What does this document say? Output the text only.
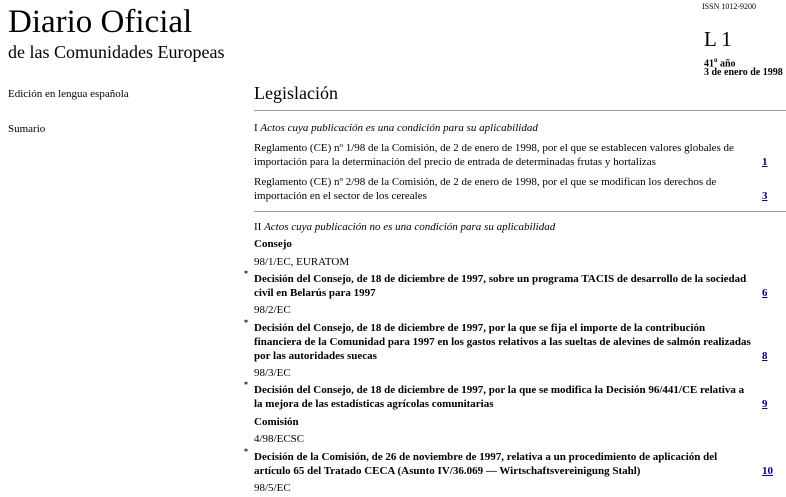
Diario Oficial
de las Comunidades Europeas
ISSN 1012-9200
L 1
41$^o$ año
3 de enero de 1998
Edición en lengua española	Legislación
Sumario	I Actos cuya publicación es una condición para su aplicabilidad
Reglamento (CE) nº 1/98 de la Comisión, de 2 de enero de 1998, por el que se establecen valores globales de importación para la determinación del precio de entrada de determinadas frutas y hortalizas	1
Reglamento (CE) nº 2/98 de la Comisión, de 2 de enero de 1998, por el que se modifican los derechos de importación en el sector de los cereales	3
II Actos cuya publicación no es una condición para su aplicabilidad
Consejo
98/1/EC, EURATOM
* Decisión del Consejo, de 18 de diciembre de 1997, sobre un programa TACIS de desarrollo de la sociedad civil en Belarús para 1997	6
98/2/EC
* Decisión del Consejo, de 18 de diciembre de 1997, por la que se fija el importe de la contribución financiera de la Comunidad para 1997 en los gastos relativos a las sueltas de alevines de salmón realizadas por las autoridades suecas	8
98/3/EC
* Decisión del Consejo, de 18 de diciembre de 1997, por la que se modifica la Decisión 96/441/CE relativa a la mejora de las estadísticas agrícolas comunitarias	9
Comisión
4/98/ECSC
* Decisión de la Comisión, de 26 de noviembre de 1997, relativa a un procedimiento de aplicación del artículo 65 del Tratado CECA (Asunto IV/36.069 — Wirtschaftsvereinigung Stahl)	10
98/5/EC
